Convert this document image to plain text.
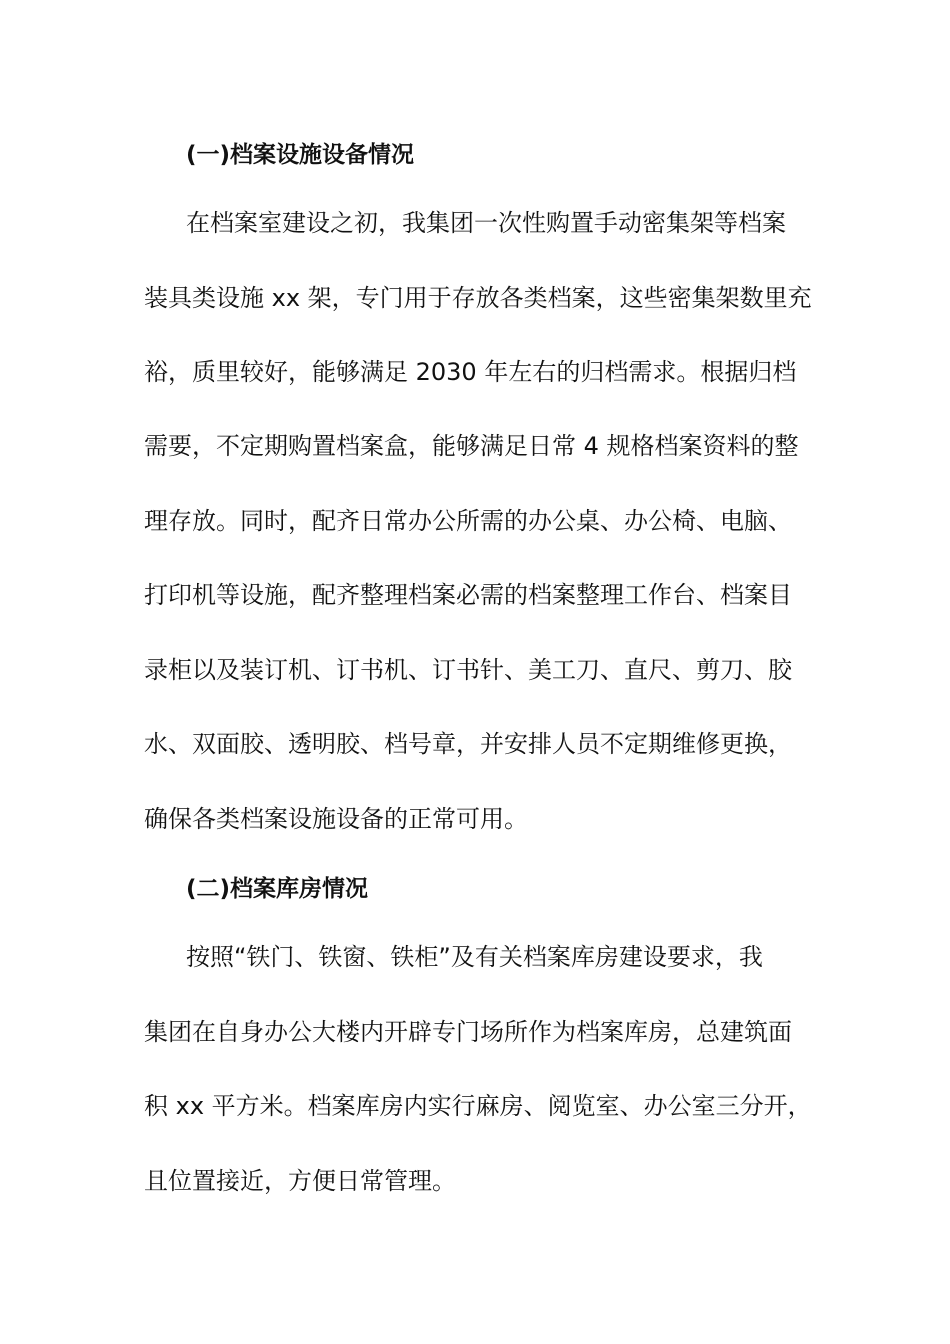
(一)档案设施设备情况
在档案室建设之初，我集团一次性购置手动密集架等档案
装具类设施 xx 架，专门用于存放各类档案，这些密集架数里充
裕，质里较好，能够满足 2030 年左右的归档需求。根据归档
需要，不定期购置档案盒，能够满足日常 4 规格档案资料的整
理存放。同时，配齐日常办公所需的办公桌、办公椅、电脑、
打印机等设施，配齐整理档案必需的档案整理工作台、档案目
录柜以及装订机、订书机、订书针、美工刀、直尺、剪刀、胶
水、双面胶、透明胶、档号章，并安排人员不定期维修更换，
确保各类档案设施设备的正常可用。
(二)档案库房情况
按照“铁门、铁窗、铁柜”及有关档案库房建设要求，我
集团在自身办公大楼内开辟专门场所作为档案库房，总建筑面
积 xx 平方米。档案库房内实行麻房、阅览室、办公室三分开，
且位置接近，方便日常管理。
